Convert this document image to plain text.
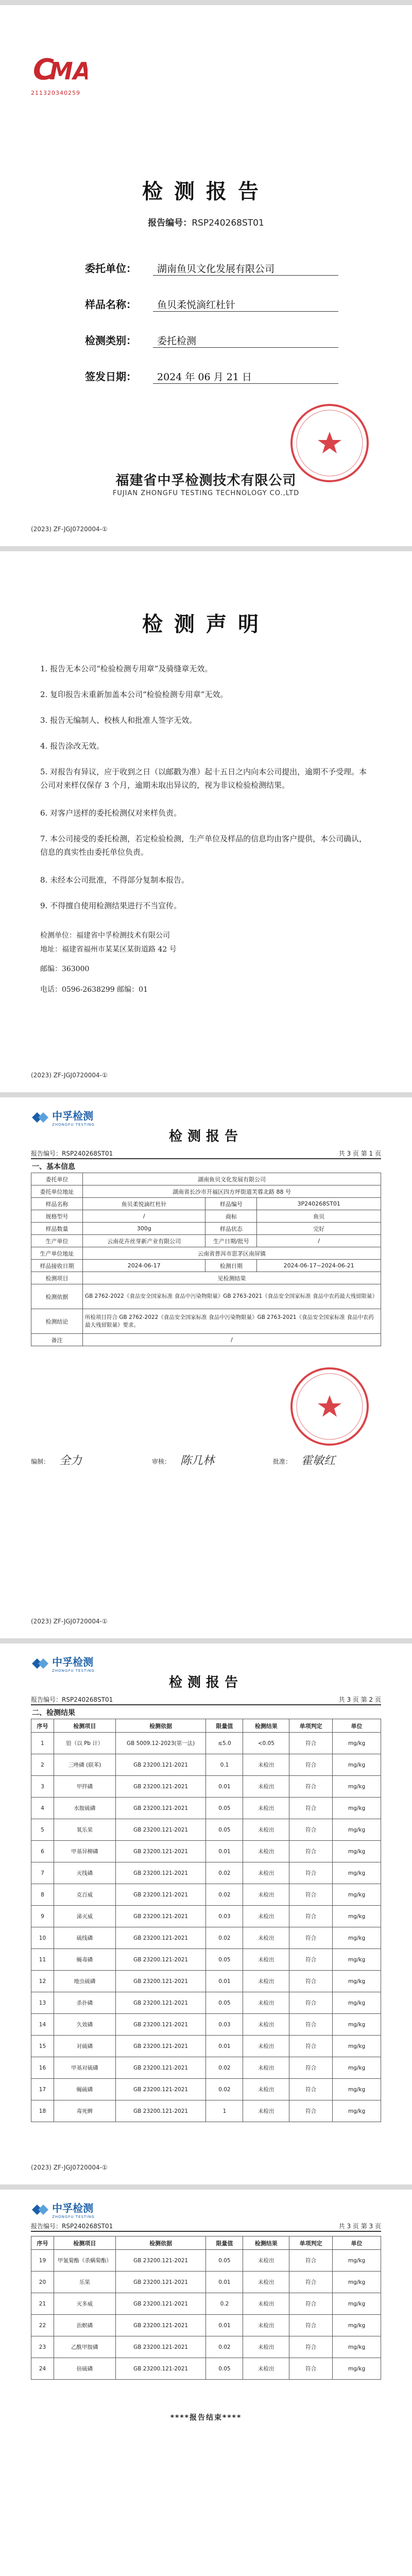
C
MA
211320340259
检测报告
报告编号：RSP240268ST01
委托单位： 湖南鱼贝文化发展有限公司
样品名称： 鱼贝柔悦滴红杜针
检测类别： 委托检测
签发日期： 2024 年 06 月 21 日
福建省中孚检测技术有限公司
FUJIAN ZHONGFU TESTING TECHNOLOGY CO.,LTD
(2023) ZF-JGJ0720004-①
检测声明
1. 报告无本公司“检验检测专用章”及骑缝章无效。
2. 复印报告未重新加盖本公司“检验检测专用章”无效。
3. 报告无编制人、校核人和批准人签字无效。
4. 报告涂改无效。
5. 对报告有异议，应于收到之日（以邮戳为准）起十五日之内向本公司提出，逾期不予受理。本公司对来样仅保存 3 个月，逾期未取出异议的，视为非议检验检测结果。
6. 对客户送样的委托检测仅对来样负责。
7. 本公司接受的委托检测，若定检验检测，生产单位及样品的信息均由客户提供，本公司确认，信息的真实性由委托单位负责。
8. 未经本公司批准，不得部分复制本报告。
9. 不得擅自使用检测结果进行不当宣传。
检测单位：福建省中孚检测技术有限公司
地址：福建省福州市某某区某街道路 42 号
邮编：363000
电话：0596-2638299 邮编：01
(2023) ZF-JGJ0720004-①

中孚检测
ZHONGFU TESTING
检测报告
报告编号：RSP240268ST01	共 3 页 第 1 页
一、基本信息
委托单位	湖南鱼贝文化发展有限公司		
委托单位地址	湖南省长沙市开福区四方坪街道芙蓉北路 88 号		
样品名称	鱼贝柔悦滴红杜针	样品编号	3P240268ST01
规格型号	/	商标	鱼贝
样品数量	300g	样品状态	完好
生产单位	云南花卉丝芽新产业有限公司	生产日期/批号	/
生产单位地址	云南省普洱市思茅区南屏镇		
样品接收日期	2024-06-17	检测日期	2024-06-17~2024-06-21
检测项目	见检测结果		
检测依据	GB 2762-2022《食品安全国家标准 食品中污染物限量》GB 2763-2021《食品安全国家标准 食品中农药最大残留限量》		
检测结论	所检项目符合 GB 2762-2022《食品安全国家标准 食品中污染物限量》GB 2763-2021《食品安全国家标准 食品中农药最大残留限量》要求。		
备注	/		
编制： 全力	审核： 陈几林	批准： 霍敏红
(2023) ZF-JGJ0720004-①

中孚检测
ZHONGFU TESTING
检测报告
报告编号：RSP240268ST01	共 3 页 第 2 页
二、检测结果
序号	检测项目	检测依据	限量值	检测结果	单项判定	单位
1	铅（以 Pb 计）	GB 5009.12-2023(第一法)	≤5.0	<0.05	符合	mg/kg
2	三唑磷 (联苯)	GB 23200.121-2021	0.1	未检出	符合	mg/kg
3	甲拌磷	GB 23200.121-2021	0.01	未检出	符合	mg/kg
4	水胺硫磷	GB 23200.121-2021	0.05	未检出	符合	mg/kg
5	氧乐果	GB 23200.121-2021	0.05	未检出	符合	mg/kg
6	甲基异柳磷	GB 23200.121-2021	0.01	未检出	符合	mg/kg
7	灭线磷	GB 23200.121-2021	0.02	未检出	符合	mg/kg
8	克百威	GB 23200.121-2021	0.02	未检出	符合	mg/kg
9	涕灭威	GB 23200.121-2021	0.03	未检出	符合	mg/kg
10	硫线磷	GB 23200.121-2021	0.02	未检出	符合	mg/kg
11	蝇毒磷	GB 23200.121-2021	0.05	未检出	符合	mg/kg
12	地虫硫磷	GB 23200.121-2021	0.01	未检出	符合	mg/kg
13	杀扑磷	GB 23200.121-2021	0.05	未检出	符合	mg/kg
14	久效磷	GB 23200.121-2021	0.03	未检出	符合	mg/kg
15	对硫磷	GB 23200.121-2021	0.01	未检出	符合	mg/kg
16	甲基对硫磷	GB 23200.121-2021	0.02	未检出	符合	mg/kg
17	蝇硫磷	GB 23200.121-2021	0.02	未检出	符合	mg/kg
18	毒死蜱	GB 23200.121-2021	1	未检出	符合	mg/kg
(2023) ZF-JGJ0720004-①

中孚检测
ZHONGFU TESTING
报告编号：RSP240268ST01	共 3 页 第 3 页
序号	检测项目	检测依据	限量值	检测结果	单项判定	单位
19	甲氰菊酯（杀螨菊酯）	GB 23200.121-2021	0.05	未检出	符合	mg/kg
20	乐果	GB 23200.121-2021	0.01	未检出	符合	mg/kg
21	灭多威	GB 23200.121-2021	0.2	未检出	符合	mg/kg
22	治螟磷	GB 23200.121-2021	0.01	未检出	符合	mg/kg
23	乙酰甲胺磷	GB 23200.121-2021	0.02	未检出	符合	mg/kg
24	倍硫磷	GB 23200.121-2021	0.05	未检出	符合	mg/kg
****报告结束****
